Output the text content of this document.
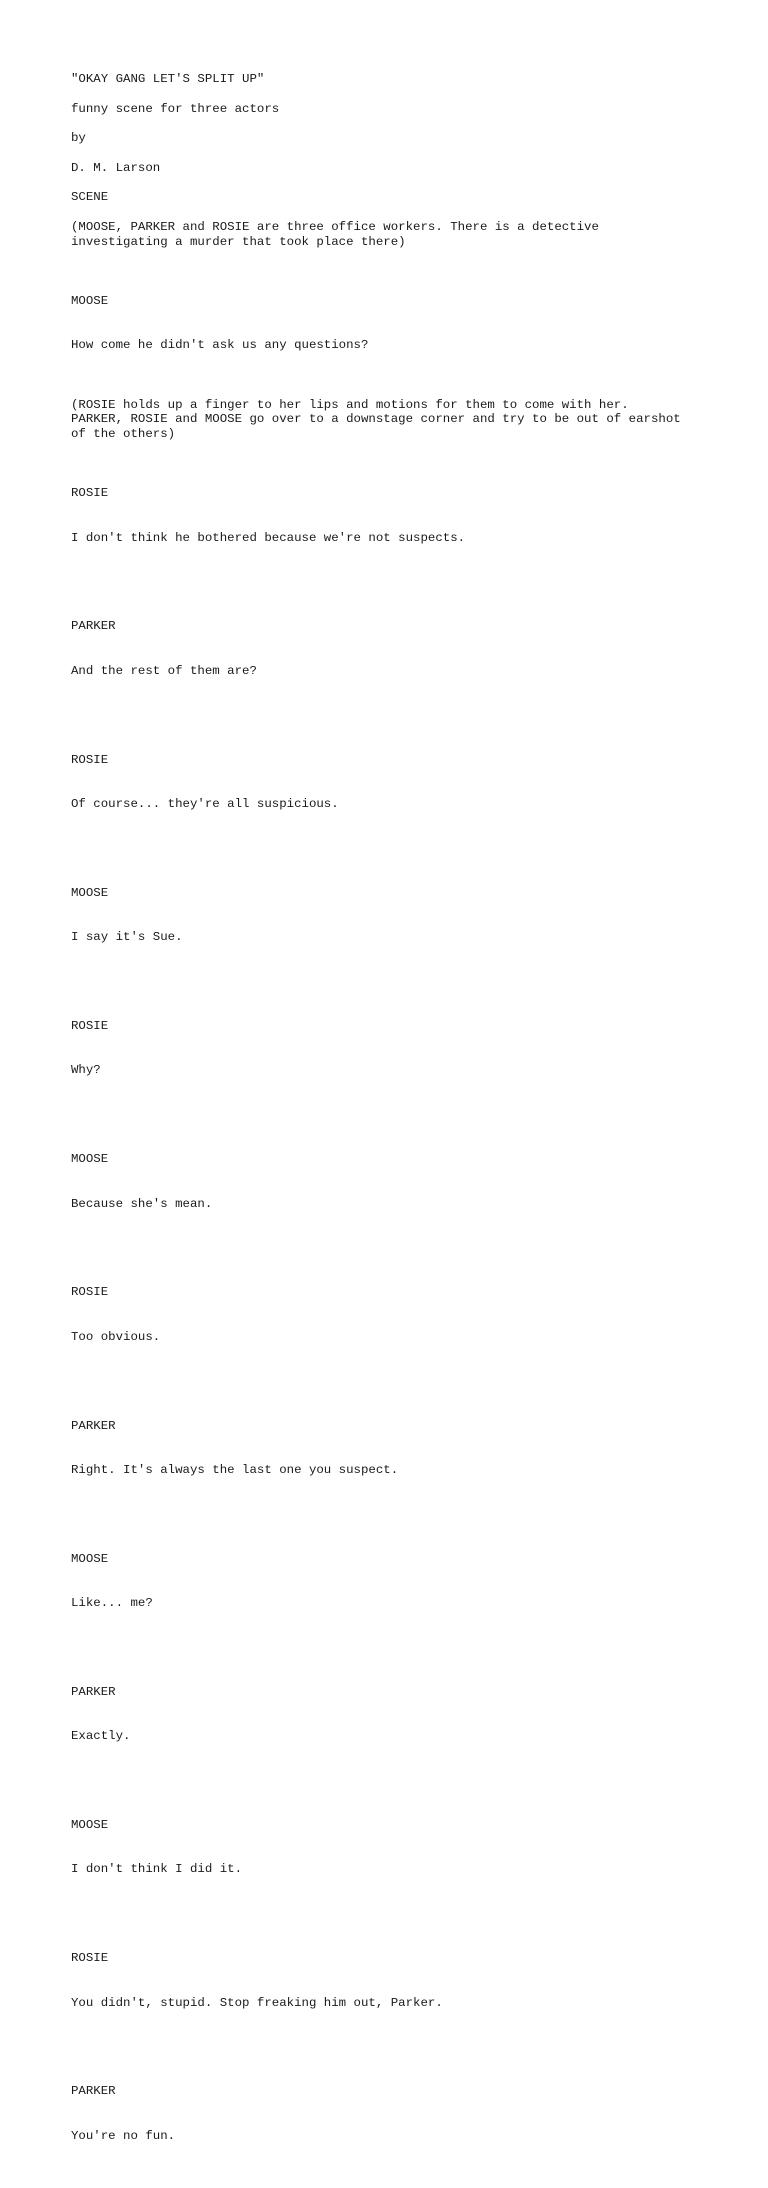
"OKAY GANG LET'S SPLIT UP"
funny scene for three actors
by
D. M. Larson
SCENE
(MOOSE, PARKER and ROSIE are three office workers. There is a detective
investigating a murder that took place there)

MOOSE

How come he didn't ask us any questions?

(ROSIE holds up a finger to her lips and motions for them to come with her.
PARKER, ROSIE and MOOSE go over to a downstage corner and try to be out of earshot
of the others)

ROSIE

I don't think he bothered because we're not suspects.

PARKER

And the rest of them are?

ROSIE

Of course... they're all suspicious.

MOOSE

I say it's Sue.

ROSIE

Why?

MOOSE

Because she's mean.

ROSIE

Too obvious.

PARKER

Right. It's always the last one you suspect.

MOOSE

Like... me?

PARKER

Exactly.

MOOSE

I don't think I did it.

ROSIE

You didn't, stupid. Stop freaking him out, Parker.

PARKER

You're no fun.
